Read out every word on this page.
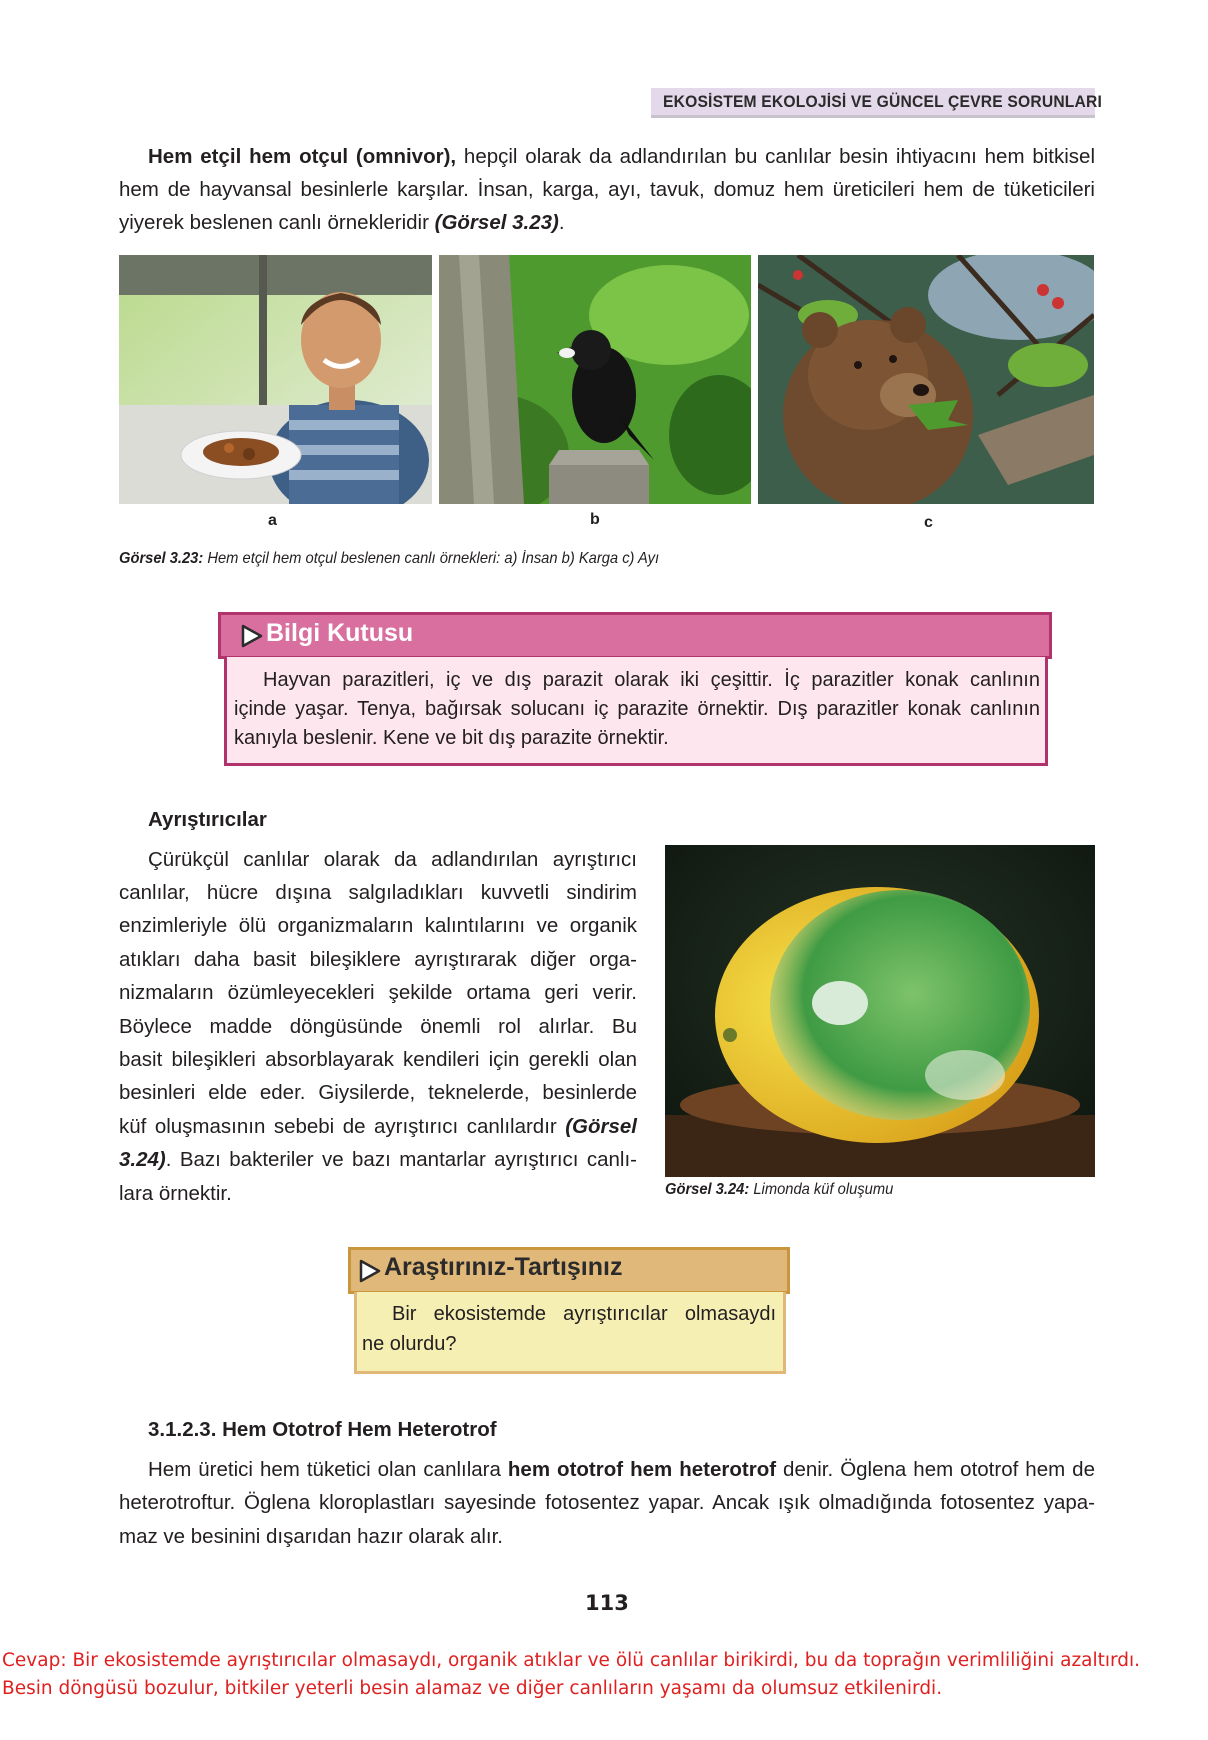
EKOSİSTEM EKOLOJİSİ VE GÜNCEL ÇEVRE SORUNLARI
Hem etçil hem otçul (omnivor), hepçil olarak da adlandırılan bu canlılar besin ihtiyacını hem bitkisel
hem de hayvansal besinlerle karşılar. İnsan, karga, ayı, tavuk, domuz hem üreticileri hem de tüketicileri
yiyerek beslenen canlı örnekleridir (Görsel 3.23).
a	b	c
Görsel 3.23: Hem etçil hem otçul beslenen canlı örnekleri: a) İnsan b) Karga c) Ayı
Bilgi Kutusu
Hayvan parazitleri, iç ve dış parazit olarak iki çeşittir. İç parazitler konak canlının
içinde yaşar. Tenya, bağırsak solucanı iç parazite örnektir. Dış parazitler konak canlının
kanıyla beslenir. Kene ve bit dış parazite örnektir.
Ayrıştırıcılar
Çürükçül canlılar olarak da adlandırılan ayrıştırıcı
canlılar, hücre dışına salgıladıkları kuvvetli sindirim
enzimleriyle ölü organizmaların kalıntılarını ve organik
atıkları daha basit bileşiklere ayrıştırarak diğer orga-
nizmaların özümleyecekleri şekilde ortama geri verir.
Böylece madde döngüsünde önemli rol alırlar. Bu
basit bileşikleri absorblayarak kendileri için gerekli olan
besinleri elde eder. Giysilerde, teknelerde, besinlerde
küf oluşmasının sebebi de ayrıştırıcı canlılardır (Görsel
3.24). Bazı bakteriler ve bazı mantarlar ayrıştırıcı canlı-
lara örnektir.	Görsel 3.24: Limonda küf oluşumu
Araştırınız-Tartışınız
Bir ekosistemde ayrıştırıcılar olmasaydı
ne olurdu?
3.1.2.3. Hem Ototrof Hem Heterotrof
Hem üretici hem tüketici olan canlılara hem ototrof hem heterotrof denir. Öglena hem ototrof hem de
heterotroftur. Öglena kloroplastları sayesinde fotosentez yapar. Ancak ışık olmadığında fotosentez yapa-
maz ve besinini dışarıdan hazır olarak alır.
113
Cevap: Bir ekosistemde ayrıştırıcılar olmasaydı, organik atıklar ve ölü canlılar birikirdi, bu da toprağın verimliliğini azaltırdı.
Besin döngüsü bozulur, bitkiler yeterli besin alamaz ve diğer canlıların yaşamı da olumsuz etkilenirdi.
